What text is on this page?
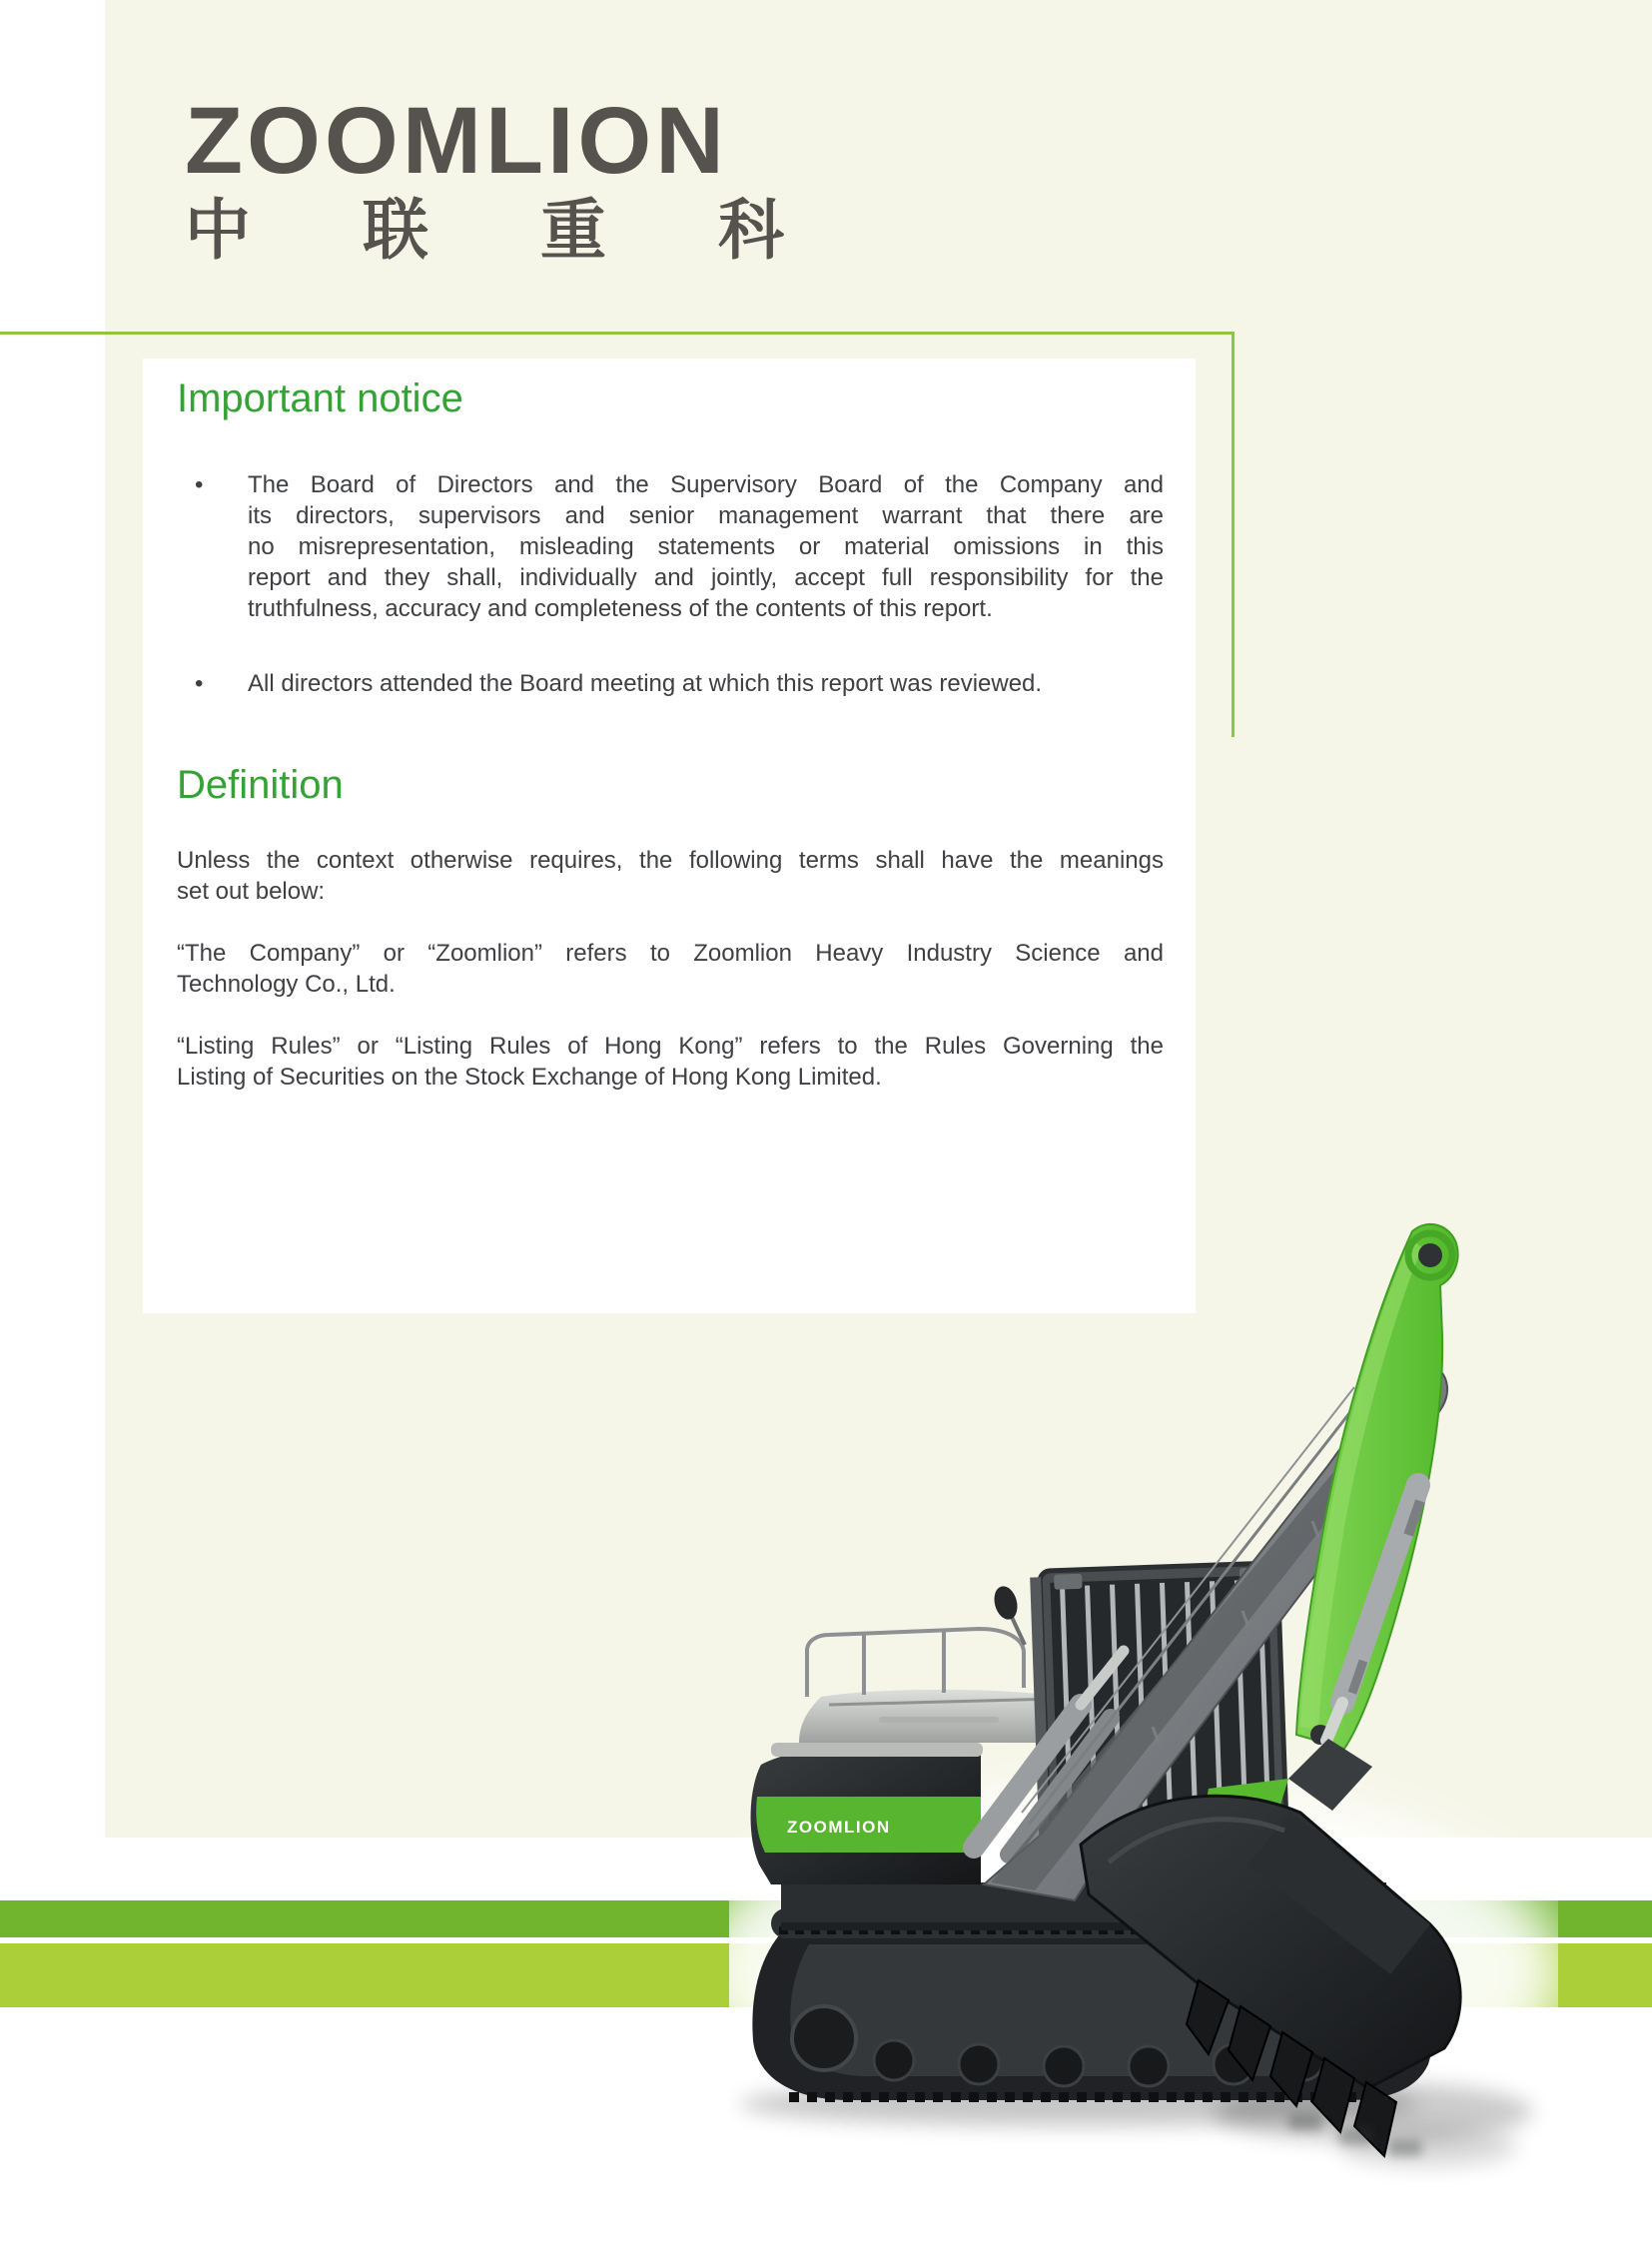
ZOOMLION
中 联 重 科
Important notice
•	The Board of Directors and the Supervisory Board of the Company and
its directors, supervisors and senior management warrant that there are
no misrepresentation, misleading statements or material omissions in this
report and they shall, individually and jointly, accept full responsibility for the
truthfulness, accuracy and completeness of the contents of this report.
•	All directors attended the Board meeting at which this report was reviewed.
Definition
Unless the context otherwise requires, the following terms shall have the meanings
set out below:
“The Company” or “Zoomlion” refers to Zoomlion Heavy Industry Science and
Technology Co., Ltd.
“Listing Rules” or “Listing Rules of Hong Kong” refers to the Rules Governing the
Listing of Securities on the Stock Exchange of Hong Kong Limited.
ZOOMLION
